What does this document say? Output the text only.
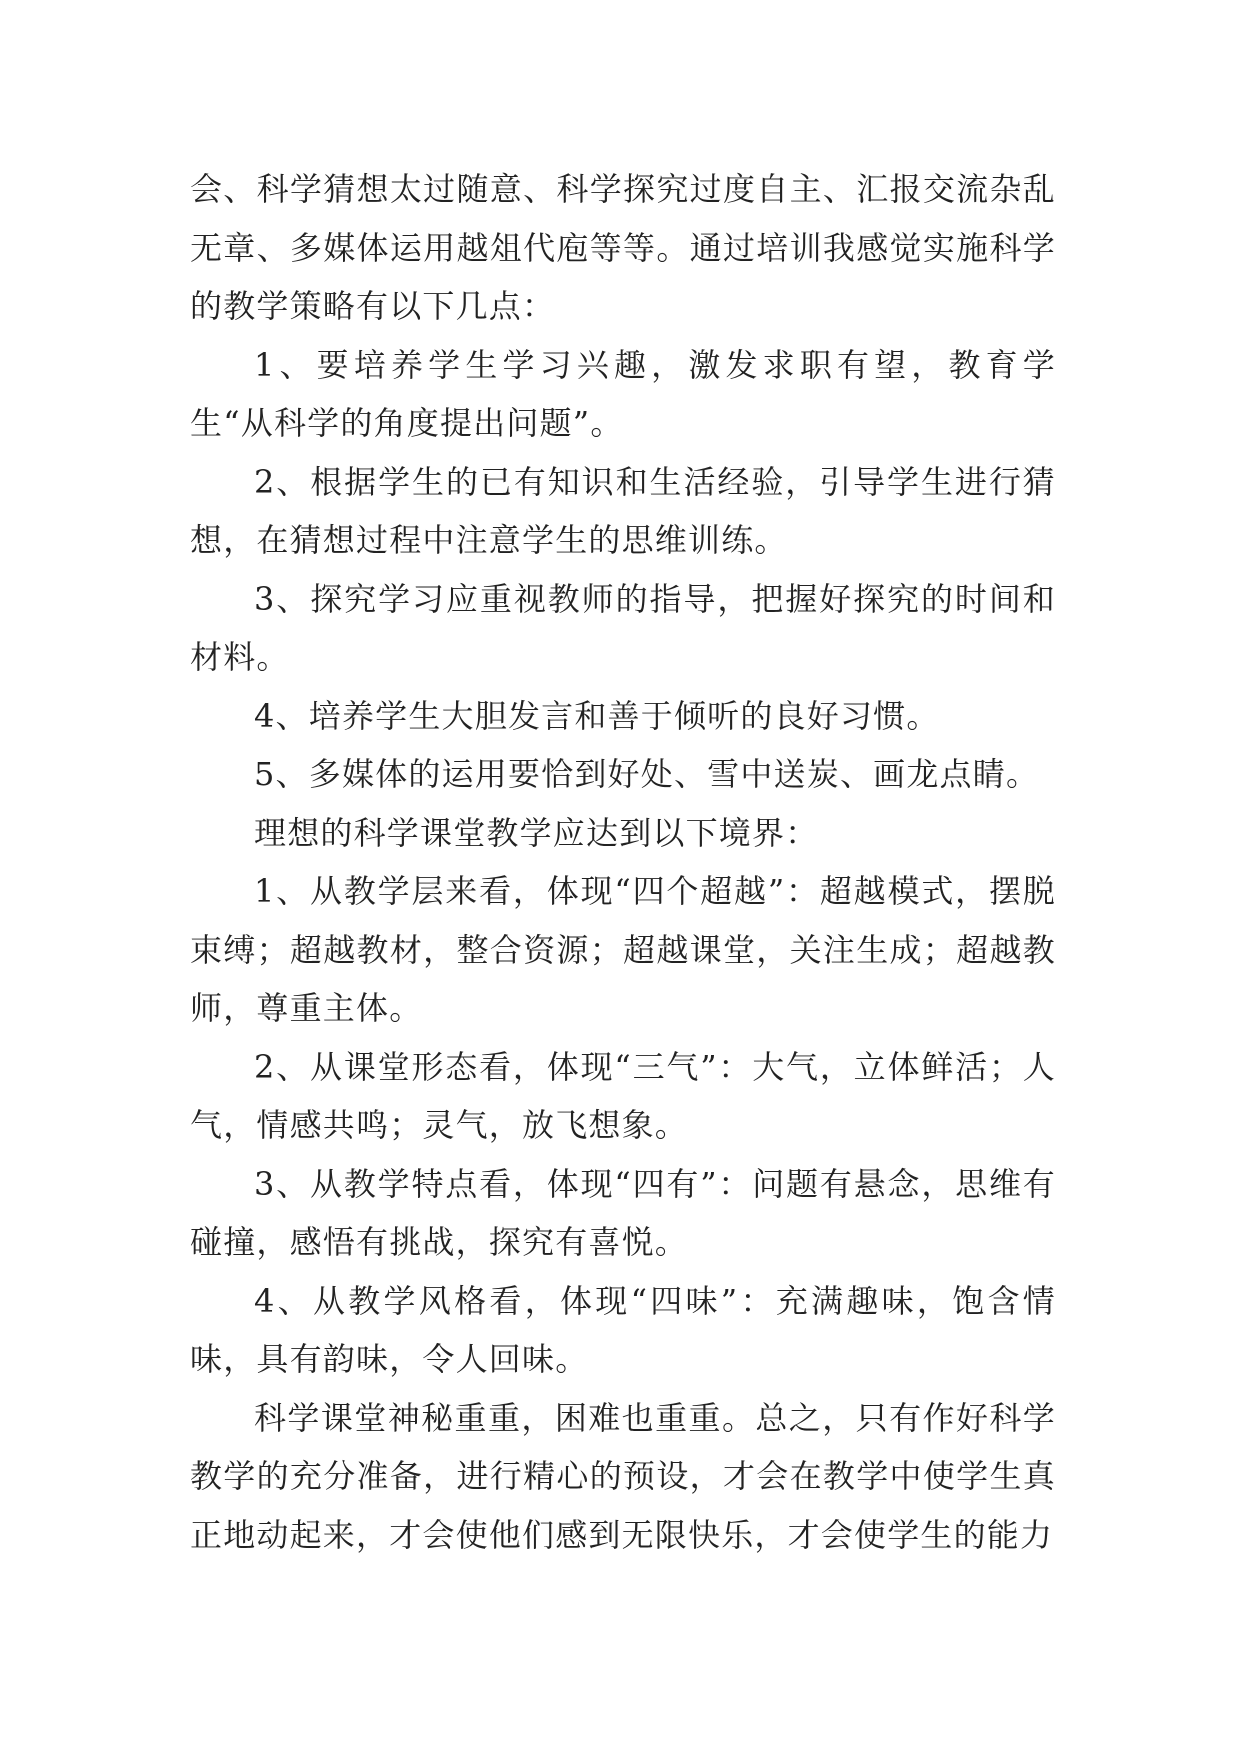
会、科学猜想太过随意、科学探究过度自主、汇报交流杂乱无章、多媒体运用越俎代庖等等。通过培训我感觉实施科学的教学策略有以下几点：

1、要培养学生学习兴趣，激发求职有望，教育学生“从科学的角度提出问题”。

2、根据学生的已有知识和生活经验，引导学生进行猜想，在猜想过程中注意学生的思维训练。

3、探究学习应重视教师的指导，把握好探究的时间和材料。

4、培养学生大胆发言和善于倾听的良好习惯。

5、多媒体的运用要恰到好处、雪中送炭、画龙点睛。

理想的科学课堂教学应达到以下境界：

1、从教学层来看，体现“四个超越”：超越模式，摆脱束缚；超越教材，整合资源；超越课堂，关注生成；超越教师，尊重主体。

2、从课堂形态看，体现“三气”：大气，立体鲜活；人气，情感共鸣；灵气，放飞想象。

3、从教学特点看，体现“四有”：问题有悬念，思维有碰撞，感悟有挑战，探究有喜悦。

4、从教学风格看，体现“四味”：充满趣味，饱含情味，具有韵味，令人回味。

科学课堂神秘重重，困难也重重。总之，只有作好科学教学的充分准备，进行精心的预设，才会在教学中使学生真正地动起来，才会使他们感到无限快乐，才会使学生的能力
